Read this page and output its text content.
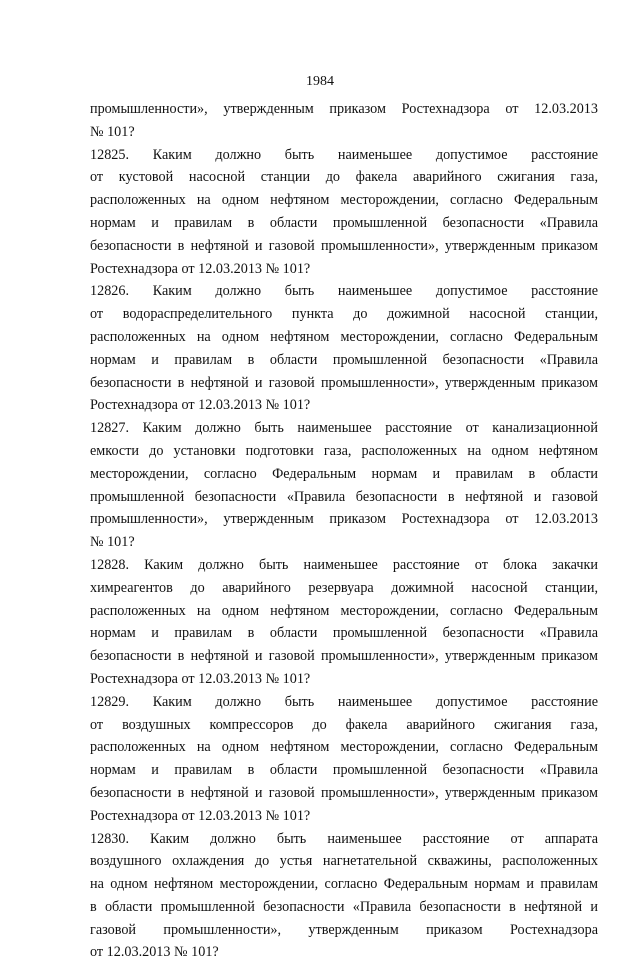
1984
промышленности», утвержденным приказом Ростехнадзора от 12.03.2013
№ 101?
12825. Каким должно быть наименьшее допустимое расстояние
от кустовой насосной станции до факела аварийного сжигания газа,
расположенных на одном нефтяном месторождении, согласно Федеральным
нормам и правилам в области промышленной безопасности «Правила
безопасности в нефтяной и газовой промышленности», утвержденным приказом
Ростехнадзора от 12.03.2013 № 101?
12826. Каким должно быть наименьшее допустимое расстояние
от водораспределительного пункта до дожимной насосной станции,
расположенных на одном нефтяном месторождении, согласно Федеральным
нормам и правилам в области промышленной безопасности «Правила
безопасности в нефтяной и газовой промышленности», утвержденным приказом
Ростехнадзора от 12.03.2013 № 101?
12827. Каким должно быть наименьшее расстояние от канализационной
емкости до установки подготовки газа, расположенных на одном нефтяном
месторождении, согласно Федеральным нормам и правилам в области
промышленной безопасности «Правила безопасности в нефтяной и газовой
промышленности», утвержденным приказом Ростехнадзора от 12.03.2013
№ 101?
12828. Каким должно быть наименьшее расстояние от блока закачки
химреагентов до аварийного резервуара дожимной насосной станции,
расположенных на одном нефтяном месторождении, согласно Федеральным
нормам и правилам в области промышленной безопасности «Правила
безопасности в нефтяной и газовой промышленности», утвержденным приказом
Ростехнадзора от 12.03.2013 № 101?
12829. Каким должно быть наименьшее допустимое расстояние
от воздушных компрессоров до факела аварийного сжигания газа,
расположенных на одном нефтяном месторождении, согласно Федеральным
нормам и правилам в области промышленной безопасности «Правила
безопасности в нефтяной и газовой промышленности», утвержденным приказом
Ростехнадзора от 12.03.2013 № 101?
12830. Каким должно быть наименьшее расстояние от аппарата
воздушного охлаждения до устья нагнетательной скважины, расположенных
на одном нефтяном месторождении, согласно Федеральным нормам и правилам
в области промышленной безопасности «Правила безопасности в нефтяной и
газовой промышленности», утвержденным приказом Ростехнадзора
от 12.03.2013 № 101?
